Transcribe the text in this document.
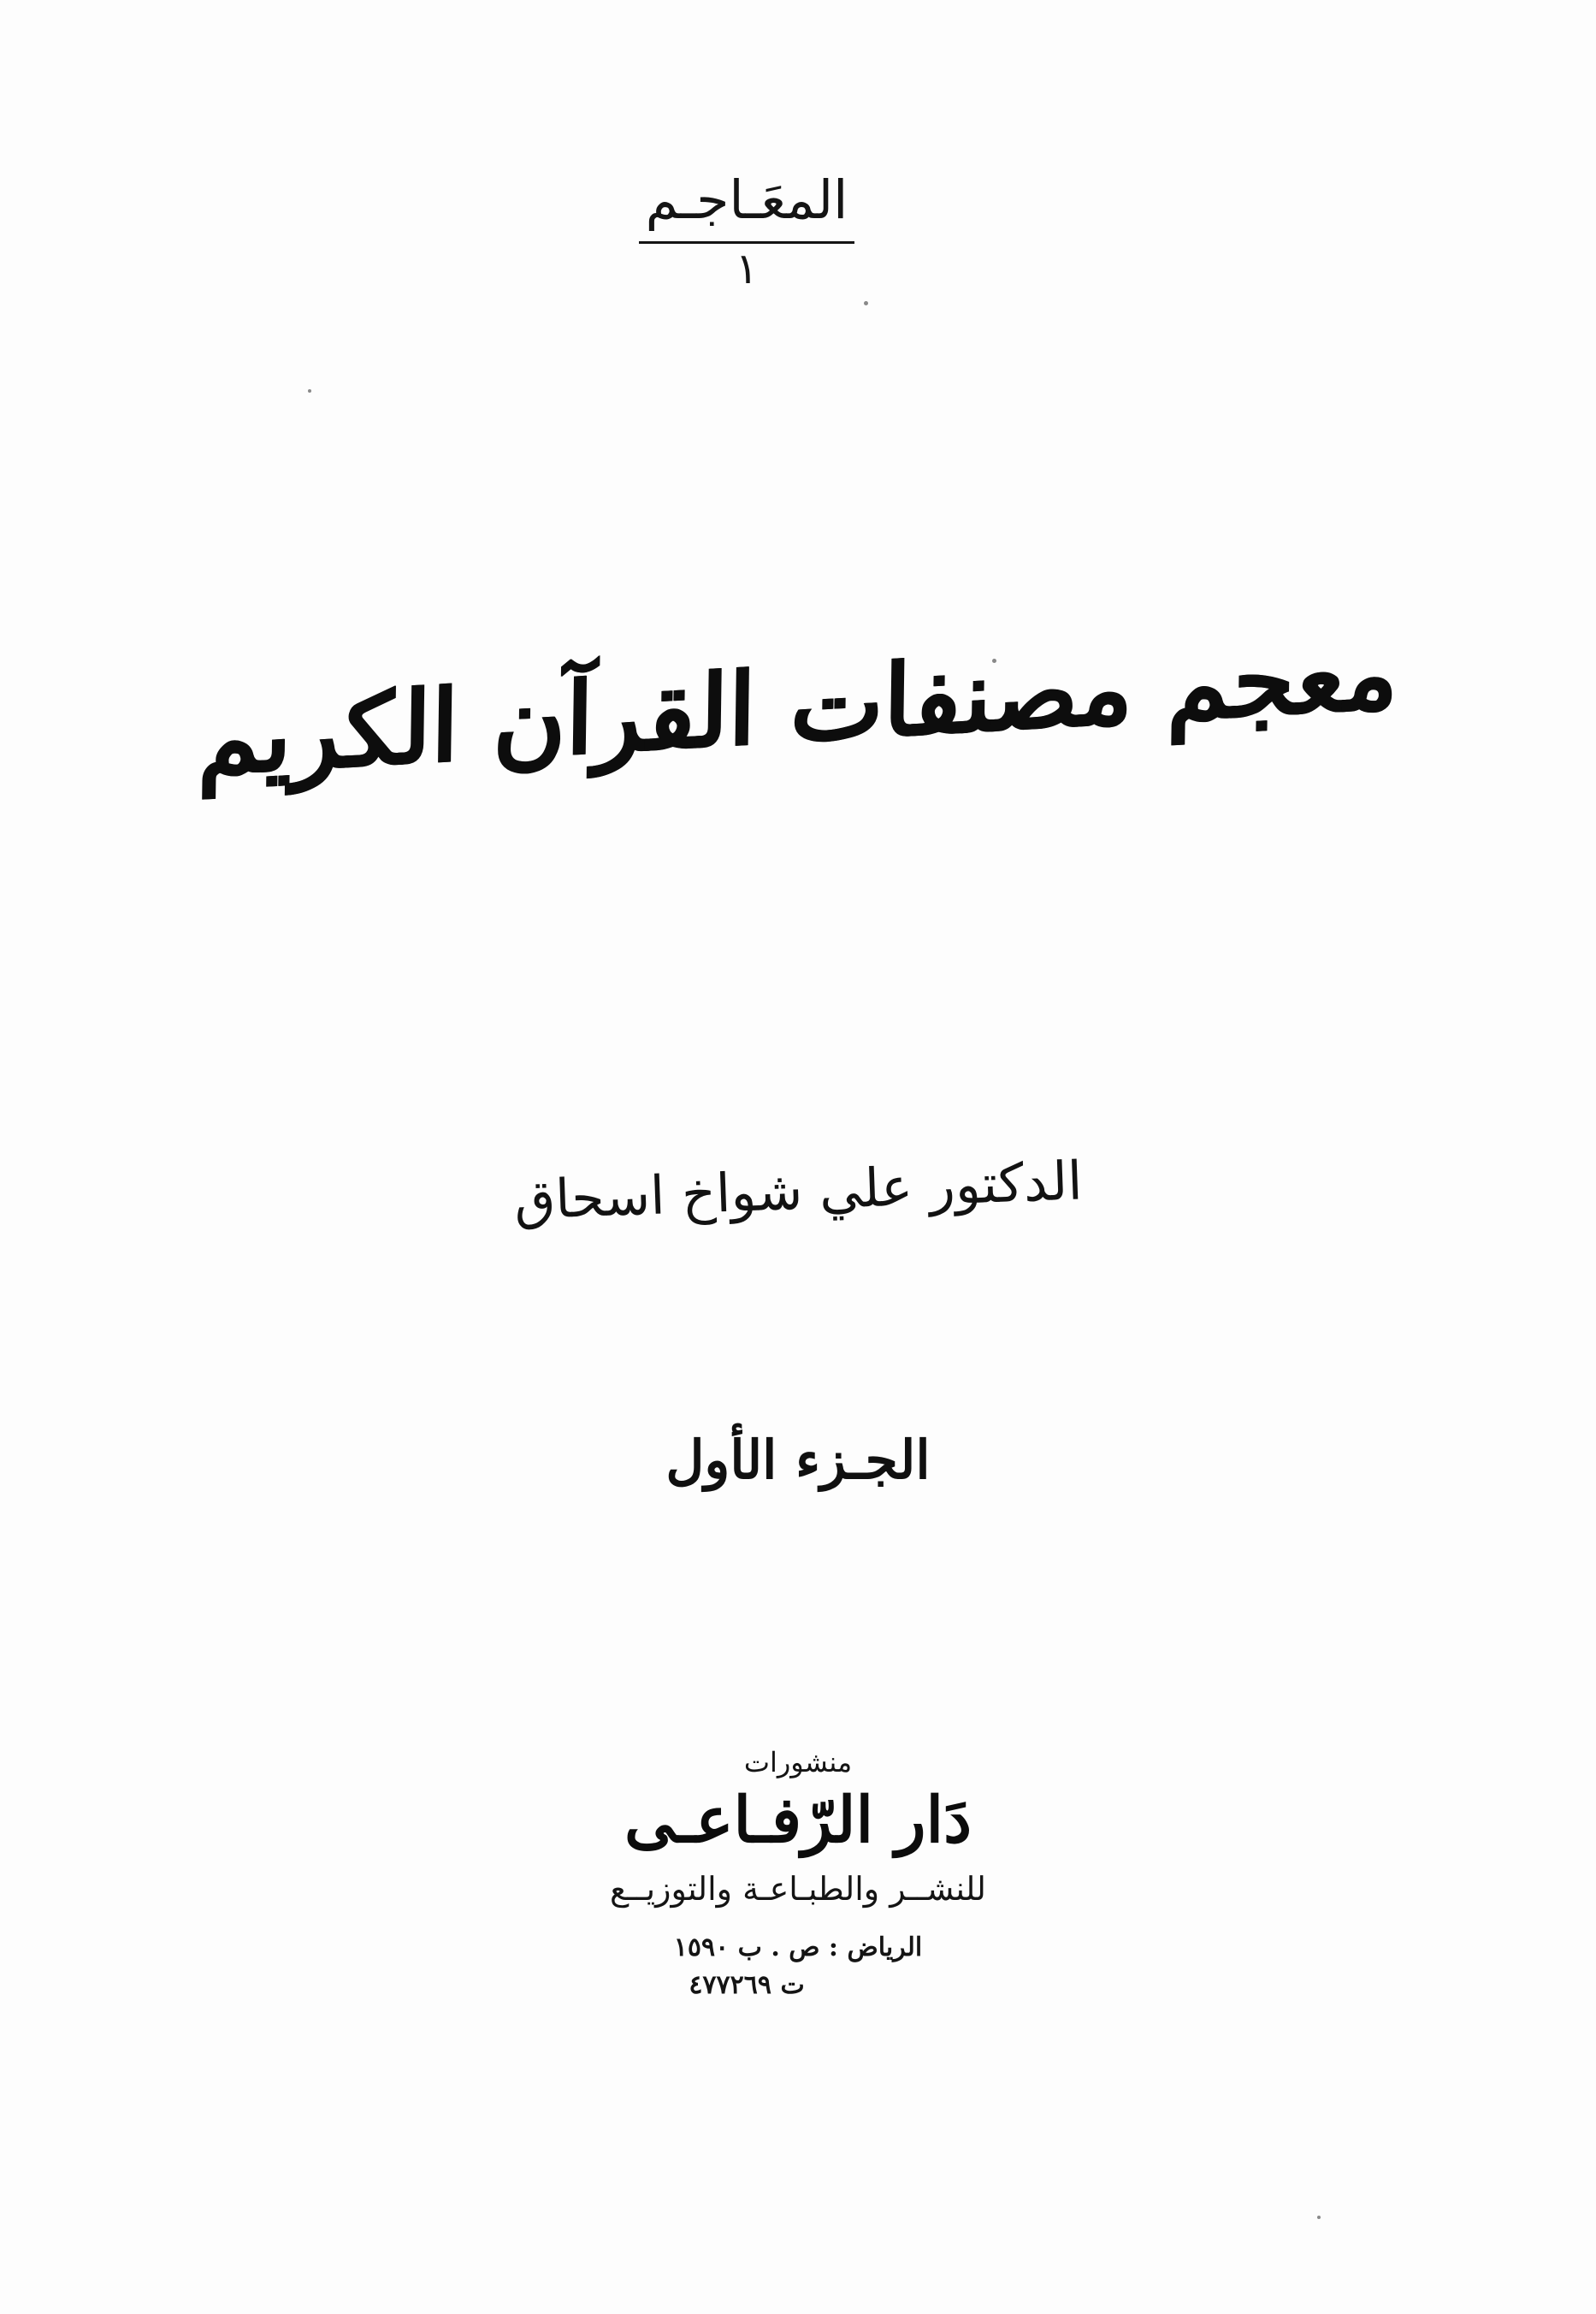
المعَـاجـم
١
معجم مصنفات القرآن الكريم
الدكتور علي شواخ اسحاق
الجـزء الأول
منشورات
دَار الرّفـاعـى
للنشــر والطبـاعـة والتوزيــع
الرياض : ص . ب ١٥٩٠
ت ٤٧٧٢٦٩
